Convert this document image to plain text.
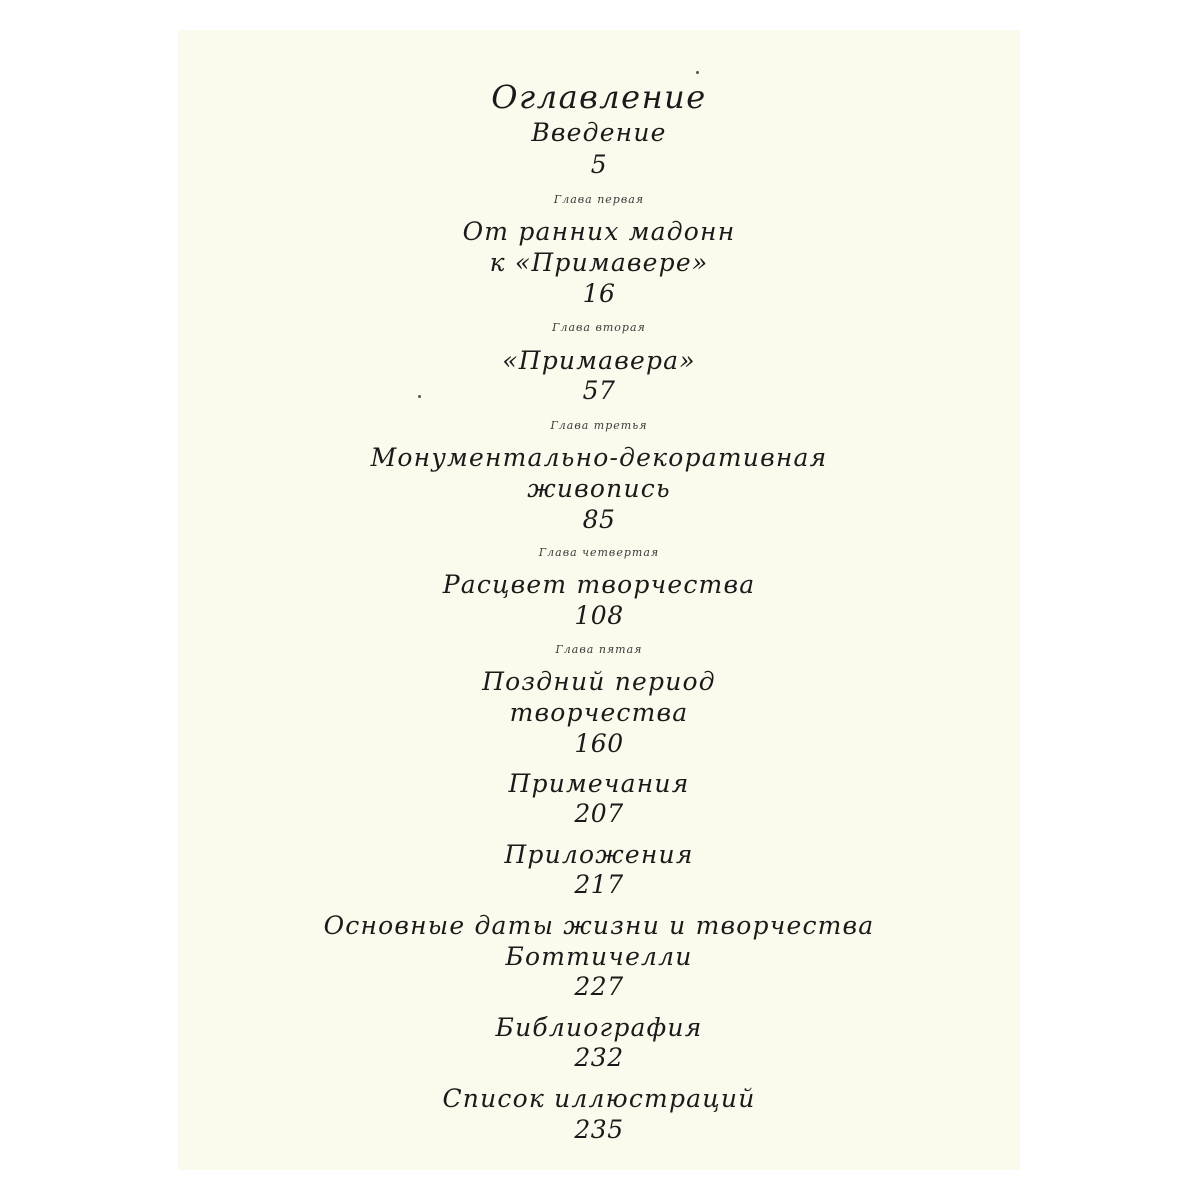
Оглавление
Введение
5
Глава первая
От ранних мадонн
к «Примавере»
16
Глава вторая
«Примавера»
57
Глава третья
Монументально-декоративная
живопись
85
Глава четвертая
Расцвет творчества
108
Глава пятая
Поздний период
творчества
160
Примечания
207
Приложения
217
Основные даты жизни и творчества
Боттичелли
227
Библиография
232
Список иллюстраций
235
